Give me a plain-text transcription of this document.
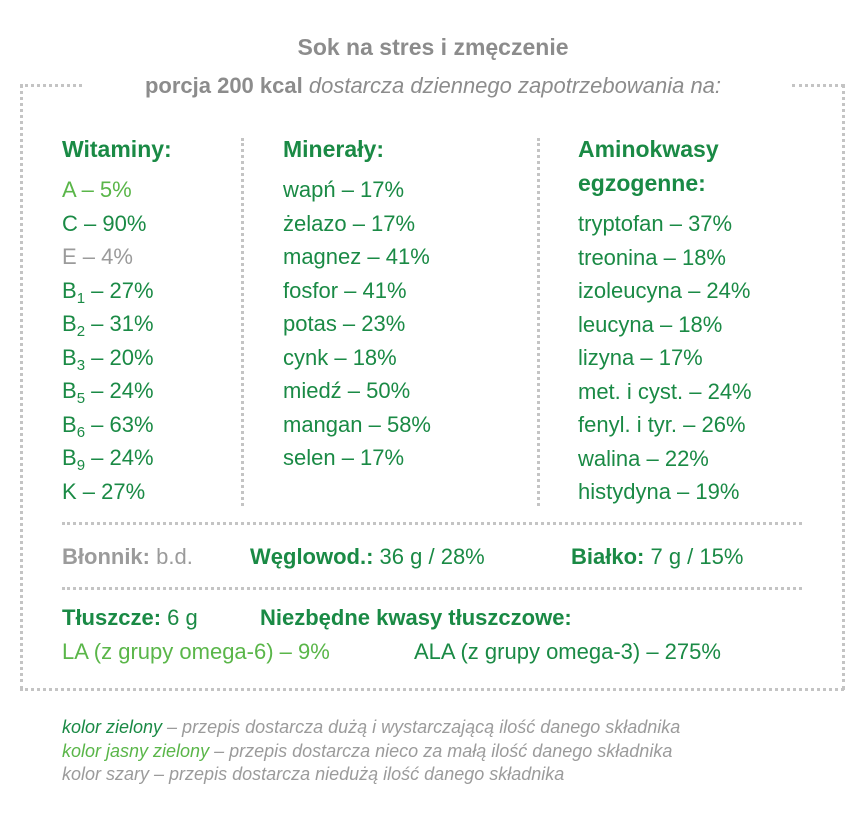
Sok na stres i zmęczenie
porcja 200 kcal dostarcza dziennego zapotrzebowania na:
Witaminy:
A – 5%
C – 90%
E – 4%
$B_1 - 27\%$
$B_2 - 31\%$
$B_3 - 20\%$
$B_5 - 24\%$
$B_6 - 63\%$
$B_9 - 24\%$
K – 27%
Minerały:
wapń – 17%
żelazo – 17%
magnez – 41%
fosfor – 41%
potas – 23%
cynk – 18%
miedź – 50%
mangan – 58%
selen – 17%
Aminokwasy
egzogenne:
tryptofan – 37%
treonina – 18%
izoleucyna – 24%
leucyna – 18%
lizyna – 17%
met. i cyst. – 24%
fenyl. i tyr. – 26%
walina – 22%
histydyna – 19%
Błonnik: b.d.	Węglowod.: 36 g / 28%	Białko: 7 g / 15%
Tłuszcze: 6 g	Niezbędne kwasy tłuszczowe:
LA (z grupy omega-6) – 9%	ALA (z grupy omega-3) – 275%
kolor zielony – przepis dostarcza dużą i wystarczającą ilość danego składnika
kolor jasny zielony – przepis dostarcza nieco za małą ilość danego składnika
kolor szary – przepis dostarcza niedużą ilość danego składnika
